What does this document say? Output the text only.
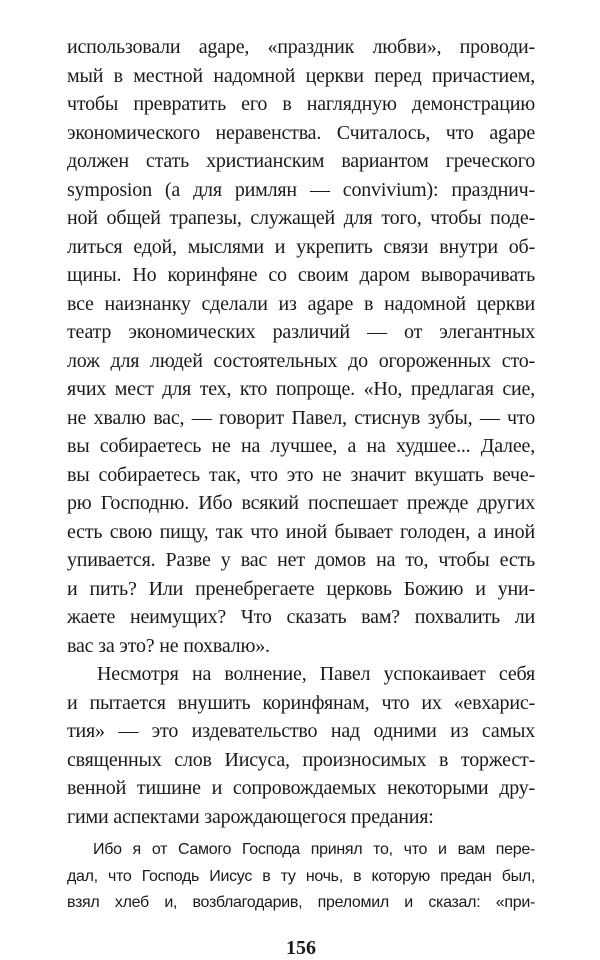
использовали agape, «праздник любви», проводи-
мый в местной надомной церкви перед причастием,
чтобы превратить его в наглядную демонстрацию
экономического неравенства. Считалось, что agape
должен стать христианским вариантом греческого
symposion (а для римлян — convivium): празднич-
ной общей трапезы, служащей для того, чтобы поде-
литься едой, мыслями и укрепить связи внутри об-
щины. Но коринфяне со своим даром выворачивать
все наизнанку сделали из agape в надомной церкви
театр экономических различий — от элегантных
лож для людей состоятельных до огороженных сто-
ячих мест для тех, кто попроще. «Но, предлагая сие,
не хвалю вас, — говорит Павел, стиснув зубы, — что
вы собираетесь не на лучшее, а на худшее... Далее,
вы собираетесь так, что это не значит вкушать вече-
рю Господню. Ибо всякий поспешает прежде других
есть свою пищу, так что иной бывает голоден, а иной
упивается. Разве у вас нет домов на то, чтобы есть
и пить? Или пренебрегаете церковь Божию и уни-
жаете неимущих? Что сказать вам? похвалить ли
вас за это? не похвалю».
Несмотря на волнение, Павел успокаивает себя
и пытается внушить коринфянам, что их «евхарис-
тия» — это издевательство над одними из самых
священных слов Иисуса, произносимых в торжест-
венной тишине и сопровождаемых некоторыми дру-
гими аспектами зарождающегося предания:
Ибо я от Самого Господа принял то, что и вам пере-
дал, что Господь Иисус в ту ночь, в которую предан был,
взял хлеб и, возблагодарив, преломил и сказал: «при-
156
